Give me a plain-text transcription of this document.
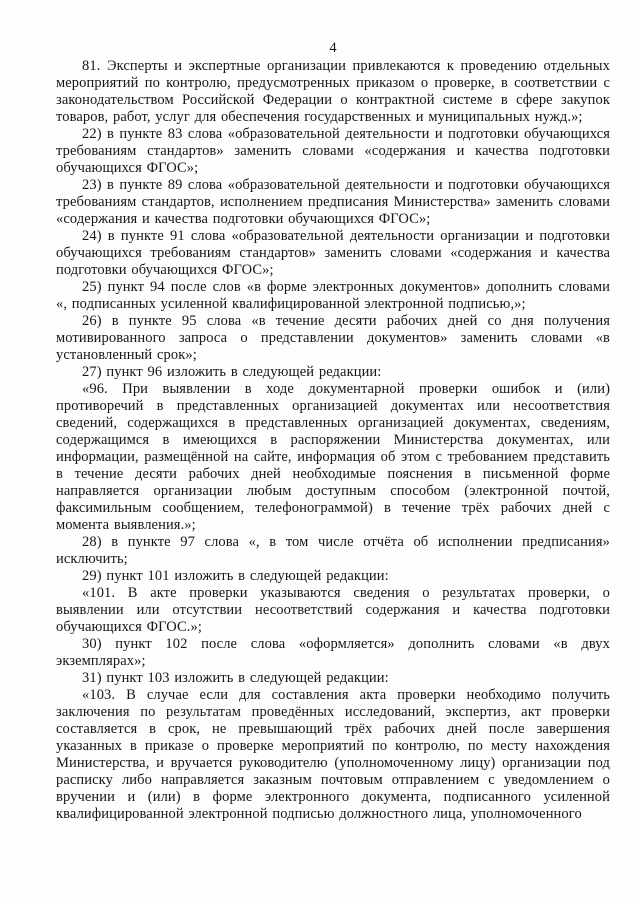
4

81. Эксперты и экспертные организации привлекаются к проведению отдельных мероприятий по контролю, предусмотренных приказом о проверке, в соответствии с законодательством Российской Федерации о контрактной системе в сфере закупок товаров, работ, услуг для обеспечения государственных и муниципальных нужд.»;

22) в пункте 83 слова «образовательной деятельности и подготовки обучающихся требованиям стандартов» заменить словами «содержания и качества подготовки обучающихся ФГОС»;

23) в пункте 89 слова «образовательной деятельности и подготовки обучающихся требованиям стандартов, исполнением предписания Министерства» заменить словами «содержания и качества подготовки обучающихся ФГОС»;

24) в пункте 91 слова «образовательной деятельности организации и подготовки обучающихся требованиям стандартов» заменить словами «содержания и качества подготовки обучающихся ФГОС»;

25) пункт 94 после слов «в форме электронных документов» дополнить словами «, подписанных усиленной квалифицированной электронной подписью,»;

26) в пункте 95 слова «в течение десяти рабочих дней со дня получения мотивированного запроса о представлении документов» заменить словами «в установленный срок»;

27) пункт 96 изложить в следующей редакции:

«96. При выявлении в ходе документарной проверки ошибок и (или) противоречий в представленных организацией документах или несоответствия сведений, содержащихся в представленных организацией документах, сведениям, содержащимся в имеющихся в распоряжении Министерства документах, или информации, размещённой на сайте, информация об этом с требованием представить в течение десяти рабочих дней необходимые пояснения в письменной форме направляется организации любым доступным способом (электронной почтой, факсимильным сообщением, телефонограммой) в течение трёх рабочих дней с момента выявления.»;

28) в пункте 97 слова «, в том числе отчёта об исполнении предписания» исключить;

29) пункт 101 изложить в следующей редакции:

«101. В акте проверки указываются сведения о результатах проверки, о выявлении или отсутствии несоответствий содержания и качества подготовки обучающихся ФГОС.»;

30) пункт 102 после слова «оформляется» дополнить словами «в двух экземплярах»;

31) пункт 103 изложить в следующей редакции:

«103. В случае если для составления акта проверки необходимо получить заключения по результатам проведённых исследований, экспертиз, акт проверки составляется в срок, не превышающий трёх рабочих дней после завершения указанных в приказе о проверке мероприятий по контролю, по месту нахождения Министерства, и вручается руководителю (уполномоченному лицу) организации под расписку либо направляется заказным почтовым отправлением с уведомлением о вручении и (или) в форме электронного документа, подписанного усиленной квалифицированной электронной подписью должностного лица, уполномоченного
